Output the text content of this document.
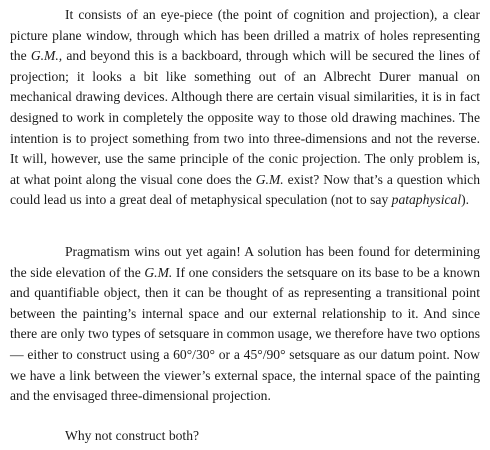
It consists of an eye-piece (the point of cognition and projection), a clear picture plane window, through which has been drilled a matrix of holes representing the G.M., and beyond this is a backboard, through which will be secured the lines of projection; it looks a bit like something out of an Albrecht Durer manual on mechanical drawing devices. Although there are certain visual similarities, it is in fact designed to work in completely the opposite way to those old drawing machines. The intention is to project something from two into three-dimensions and not the reverse. It will, however, use the same principle of the conic projection. The only problem is, at what point along the visual cone does the G.M. exist? Now that’s a question which could lead us into a great deal of metaphysical speculation (not to say pataphysical).

Pragmatism wins out yet again! A solution has been found for determining the side elevation of the G.M. If one considers the setsquare on its base to be a known and quantifiable object, then it can be thought of as representing a transitional point between the painting’s internal space and our external relationship to it. And since there are only two types of setsquare in common usage, we therefore have two options — either to construct using a 60°/30° or a 45°/90° setsquare as our datum point. Now we have a link between the viewer’s external space, the internal space of the painting and the envisaged three-dimensional projection.

Why not construct both?
